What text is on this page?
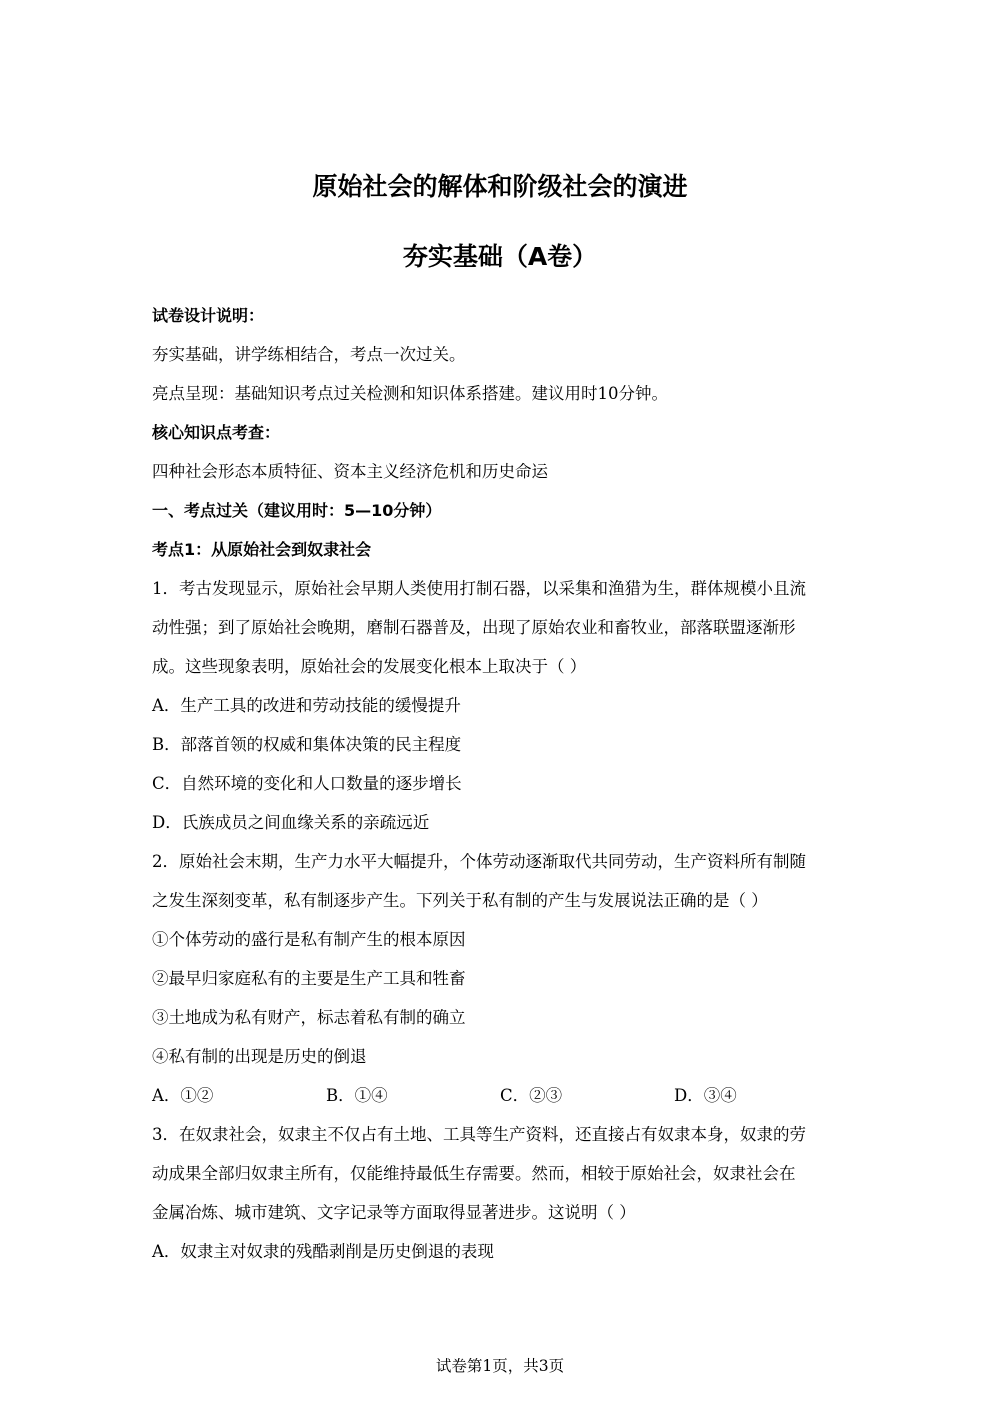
原始社会的解体和阶级社会的演进
夯实基础（A卷）
试卷设计说明：
夯实基础，讲学练相结合，考点一次过关。
亮点呈现：基础知识考点过关检测和知识体系搭建。建议用时10分钟。
核心知识点考查：
四种社会形态本质特征、资本主义经济危机和历史命运
一、考点过关（建议用时：5—10分钟）
考点1：从原始社会到奴隶社会
1．考古发现显示，原始社会早期人类使用打制石器，以采集和渔猎为生，群体规模小且流
动性强；到了原始社会晚期，磨制石器普及，出现了原始农业和畜牧业，部落联盟逐渐形
成。这些现象表明，原始社会的发展变化根本上取决于（ ）
A．生产工具的改进和劳动技能的缓慢提升
B．部落首领的权威和集体决策的民主程度
C．自然环境的变化和人口数量的逐步增长
D．氏族成员之间血缘关系的亲疏远近
2．原始社会末期，生产力水平大幅提升，个体劳动逐渐取代共同劳动，生产资料所有制随
之发生深刻变革，私有制逐步产生。下列关于私有制的产生与发展说法正确的是（ ）
①个体劳动的盛行是私有制产生的根本原因
②最早归家庭私有的主要是生产工具和牲畜
③土地成为私有财产，标志着私有制的确立
④私有制的出现是历史的倒退
A．①②	B．①④	C．②③	D．③④
3．在奴隶社会，奴隶主不仅占有土地、工具等生产资料，还直接占有奴隶本身，奴隶的劳
动成果全部归奴隶主所有，仅能维持最低生存需要。然而，相较于原始社会，奴隶社会在
金属冶炼、城市建筑、文字记录等方面取得显著进步。这说明（ ）
A．奴隶主对奴隶的残酷剥削是历史倒退的表现
试卷第1页，共3页
